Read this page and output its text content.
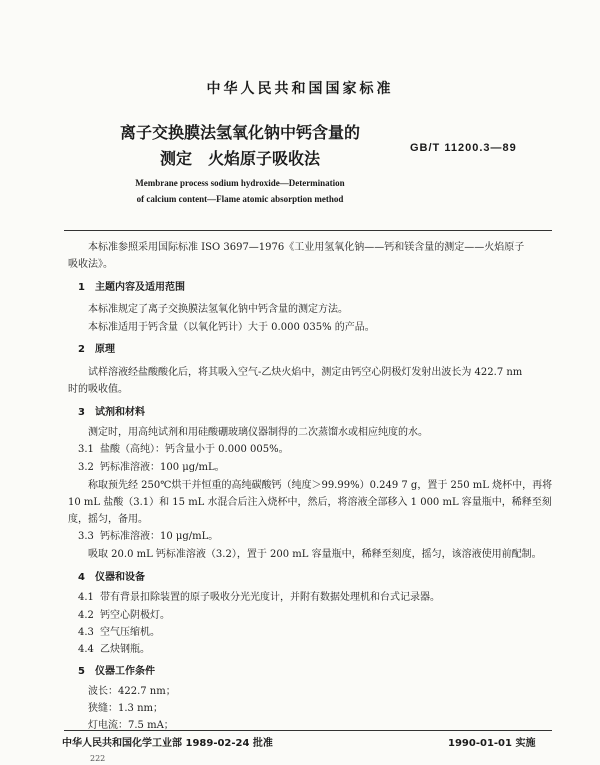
中华人民共和国国家标准
离子交换膜法氢氧化钠中钙含量的
测定　火焰原子吸收法
GB/T 11200.3—89
Membrane process sodium hydroxide—Determination
of calcium content—Flame atomic absorption method
本标准参照采用国际标准 ISO 3697—1976《工业用氢氧化钠——钙和镁含量的测定——火焰原子
吸收法》。
1　主题内容及适用范围
本标准规定了离子交换膜法氢氧化钠中钙含量的测定方法。
本标准适用于钙含量（以氧化钙计）大于 0.000 035% 的产品。
2　原理
试样溶液经盐酸酸化后，将其吸入空气-乙炔火焰中，测定由钙空心阴极灯发射出波长为 422.7 nm
时的吸收值。
3　试剂和材料
测定时，用高纯试剂和用硅酸硼玻璃仪器制得的二次蒸馏水或相应纯度的水。
3.1 盐酸（高纯）：钙含量小于 0.000 005%。
3.2 钙标准溶液：100 μg/mL。
称取预先经 250℃烘干并恒重的高纯碳酸钙（纯度＞99.99%）0.249 7 g，置于 250 mL 烧杯中，再将
10 mL 盐酸（3.1）和 15 mL 水混合后注入烧杯中，然后，将溶液全部移入 1 000 mL 容量瓶中，稀释至刻
度，摇匀，备用。
3.3 钙标准溶液：10 μg/mL。
吸取 20.0 mL 钙标准溶液（3.2），置于 200 mL 容量瓶中，稀释至刻度，摇匀，该溶液使用前配制。
4　仪器和设备
4.1 带有背景扣除装置的原子吸收分光光度计，并附有数据处理机和台式记录器。
4.2 钙空心阴极灯。
4.3 空气压缩机。
4.4 乙炔钢瓶。
5　仪器工作条件
波长：422.7 nm；
狭缝：1.3 nm；
灯电流：7.5 mA；
中华人民共和国化学工业部 1989-02-24 批准	1990-01-01 实施
222
